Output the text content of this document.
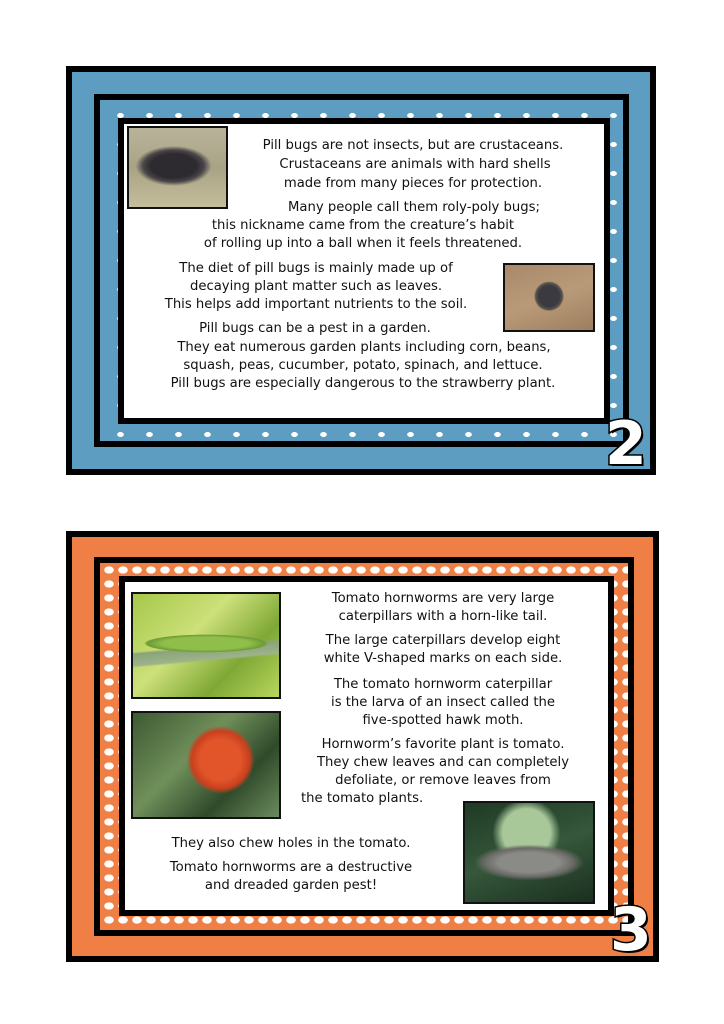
Pill bugs are not insects, but are crustaceans.
Crustaceans are animals with hard shells
made from many pieces for protection.
Many people call them roly-poly bugs;
this nickname came from the creature’s habit
of rolling up into a ball when it feels threatened.
The diet of pill bugs is mainly made up of
decaying plant matter such as leaves.
This helps add important nutrients to the soil.
Pill bugs can be a pest in a garden.
They eat numerous garden plants including corn, beans,
squash, peas, cucumber, potato, spinach, and lettuce.
Pill bugs are especially dangerous to the strawberry plant.
2
Tomato hornworms are very large
caterpillars with a horn-like tail.
The large caterpillars develop eight
white V-shaped marks on each side.
The tomato hornworm caterpillar
is the larva of an insect called the
five-spotted hawk moth.
Hornworm’s favorite plant is tomato.
They chew leaves and can completely
defoliate, or remove leaves from
the tomato plants.
They also chew holes in the tomato.
Tomato hornworms are a destructive
and dreaded garden pest!
3
